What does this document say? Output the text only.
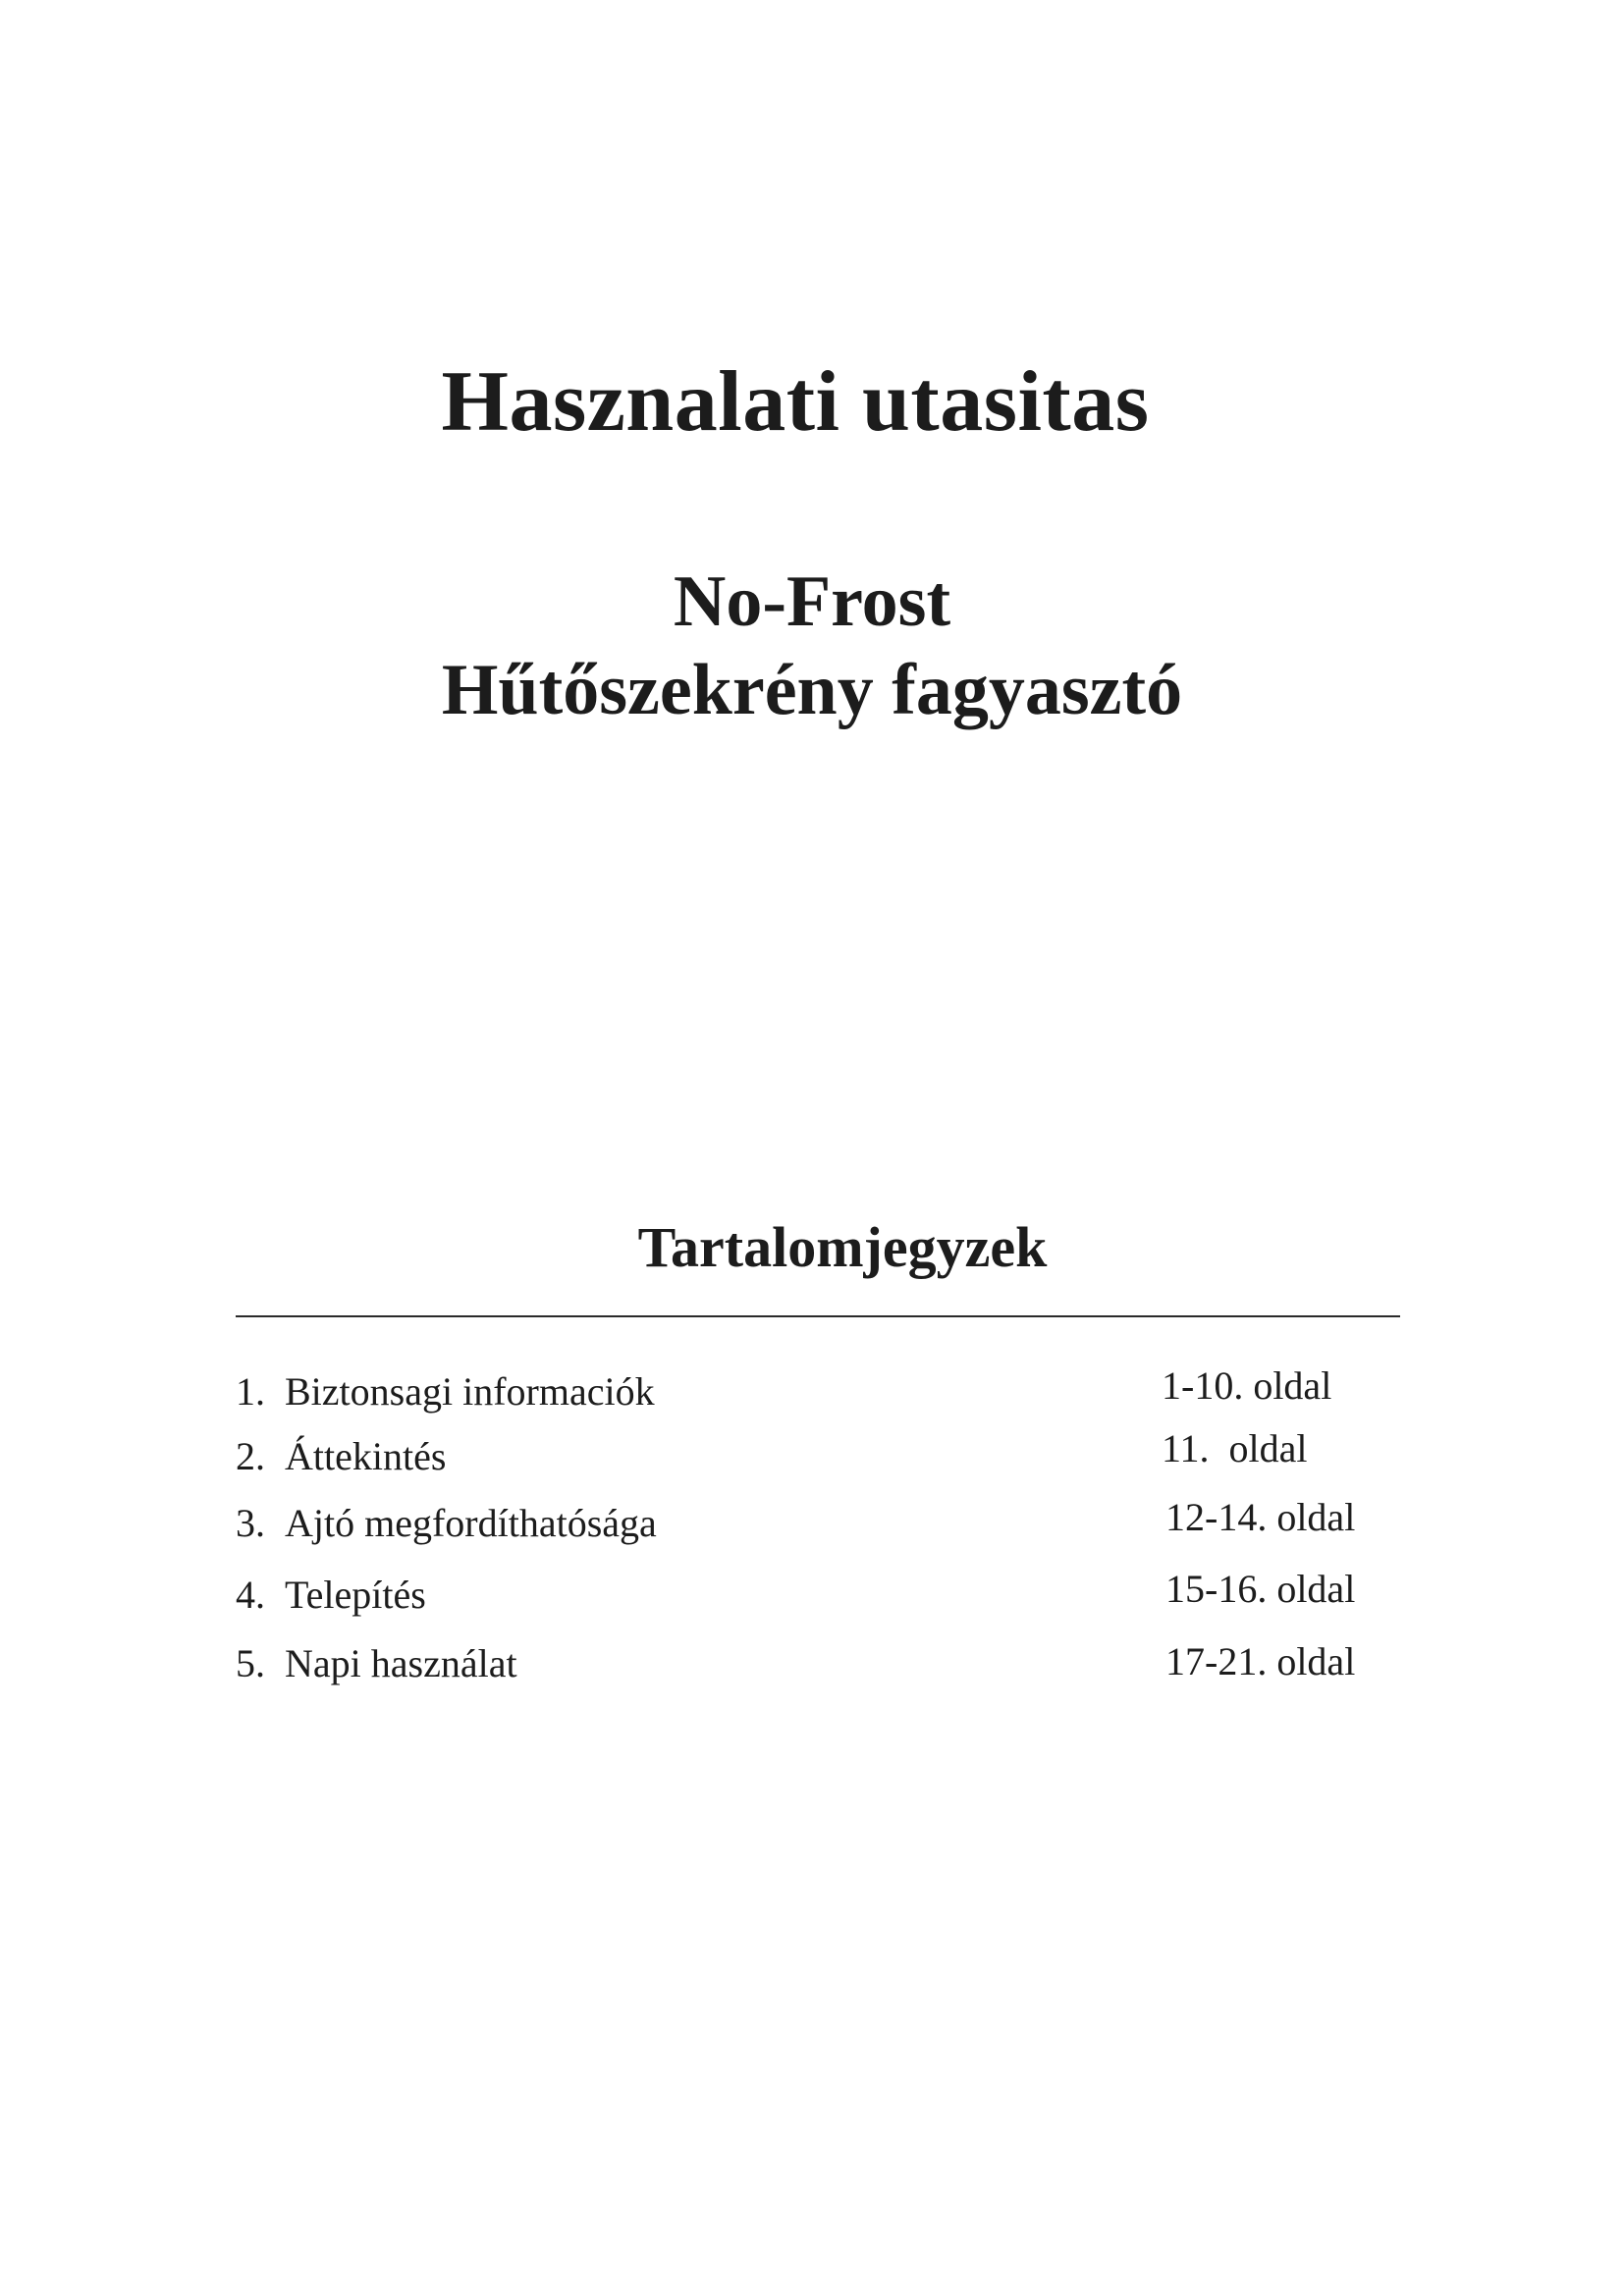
Hasznalati utasitas
No-Frost
Hűtőszekrény fagyasztó
Tartalomjegyzek
1. Biztonsagi informaciók	1-10. oldal
2. Áttekintés	11.  oldal
3. Ajtó megfordíthatósága	12-14. oldal
4. Telepítés	15-16. oldal
5. Napi használat	17-21. oldal
